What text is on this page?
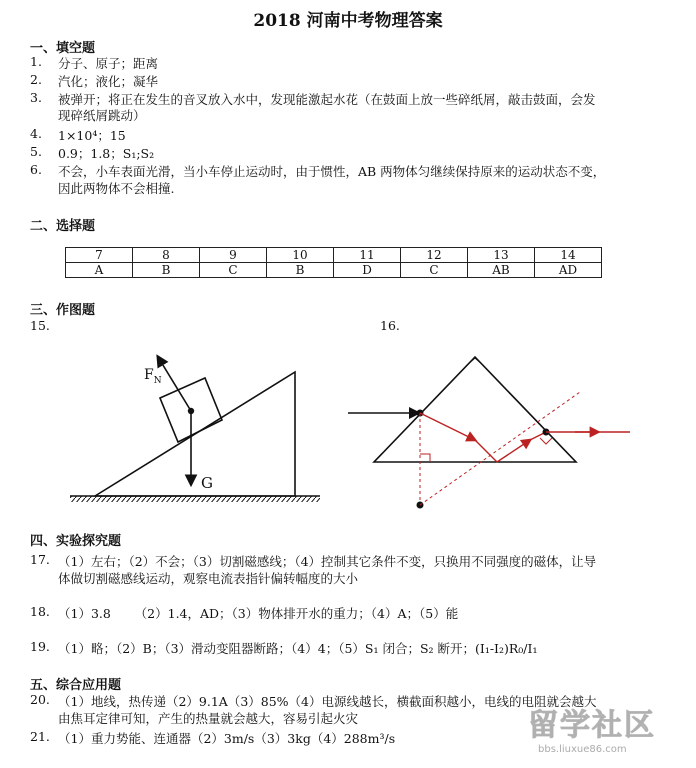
2018 河南中考物理答案
一、填空题
1. 分子、原子；距离
2. 汽化；液化；凝华
3. 被弹开；将正在发生的音叉放入水中，发现能激起水花（在鼓面上放一些碎纸屑，敲击鼓面，会发
现碎纸屑跳动）
4. 1×10⁴；15
5. 0.9；1.8；S₁;S₂
6. 不会，小车表面光滑，当小车停止运动时，由于惯性，AB 两物体匀继续保持原来的运动状态不变，
因此两物体不会相撞.
二、选择题
7	8	9	10	11	12	13	14
A	B	C	B	D	C	AB	AD
三、作图题
15.	16.
$F_N$
G
四、实验探究题
17. （1）左右；（2）不会；（3）切割磁感线；（4）控制其它条件不变，只换用不同强度的磁体，让导
体做切割磁感线运动，观察电流表指针偏转幅度的大小
18. （1）3.8      （2）1.4，AD；（3）物体排开水的重力；（4）A；（5）能
19. （1）略；（2）B；（3）滑动变阻器断路；（4）4；（5）S₁ 闭合；S₂ 断开；(I₁-I₂)R₀/I₁
五、综合应用题
20. （1）地线，热传递（2）9.1A（3）85%（4）电源线越长，横截面积越小，电线的电阻就会越大
由焦耳定律可知，产生的热量就会越大，容易引起火灾
21. （1）重力势能、连通器（2）3m/s（3）3kg（4）288m³/s	留学社区
bbs.liuxue86.com
